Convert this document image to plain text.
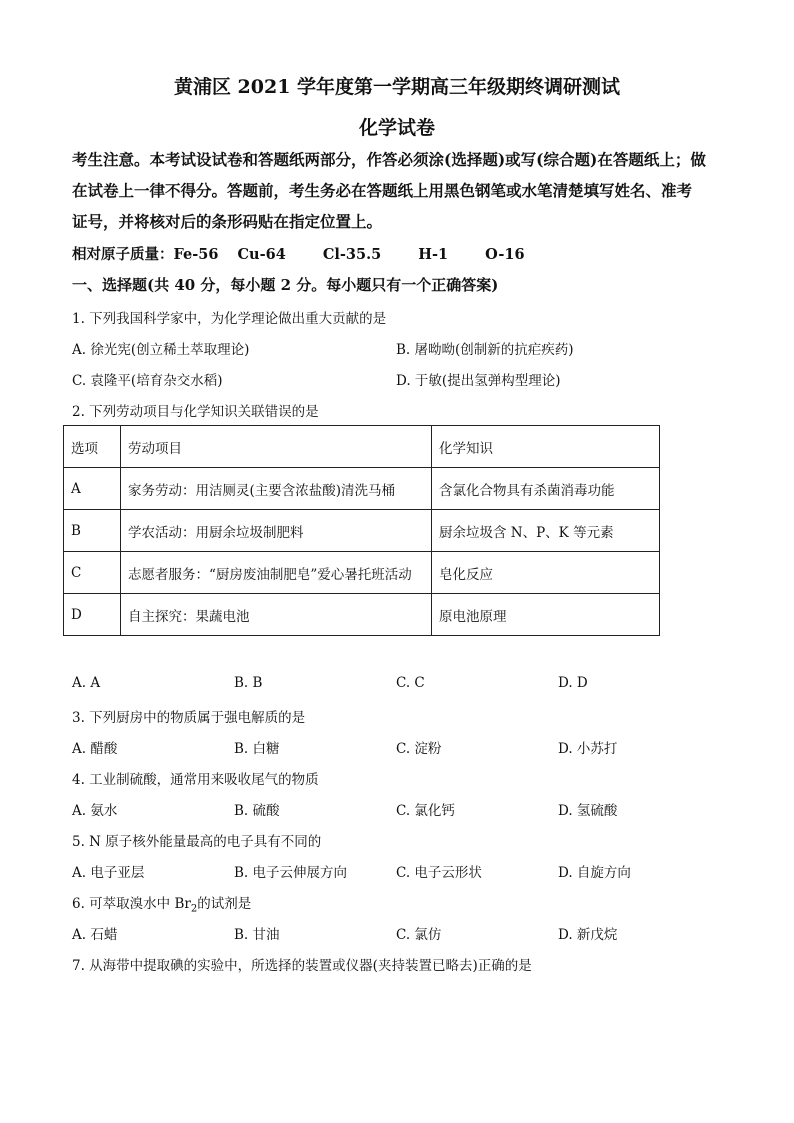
黄浦区 2021 学年度第一学期高三年级期终调研测试
化学试卷
考生注意。本考试设试卷和答题纸两部分，作答必须涂(选择题)或写(综合题)在答题纸上；做
在试卷上一律不得分。答题前，考生务必在答题纸上用黑色钢笔或水笔清楚填写姓名、准考
证号，并将核对后的条形码贴在指定位置上。
相对原子质量：Fe-56 Cu-64	Cl-35.5	H-1	O-16
一、选择题(共 40 分，每小题 2 分。每小题只有一个正确答案)
1. 下列我国科学家中，为化学理论做出重大贡献的是
A. 徐光宪(创立稀土萃取理论)	B. 屠呦呦(创制新的抗疟疾药)
C. 袁隆平(培育杂交水稻)	D. 于敏(提出氢弹构型理论)
2. 下列劳动项目与化学知识关联错误的是
选项	劳动项目	化学知识
A	家务劳动：用洁厕灵(主要含浓盐酸)清洗马桶	含氯化合物具有杀菌消毒功能
B	学农活动：用厨余垃圾制肥料	厨余垃圾含 N、P、K 等元素
C	志愿者服务：“厨房废油制肥皂”爱心暑托班活动	皂化反应
D	自主探究：果蔬电池	原电池原理
A. A	B. B	C. C	D. D
3. 下列厨房中的物质属于强电解质的是
A. 醋酸	B. 白糖	C. 淀粉	D. 小苏打
4. 工业制硫酸，通常用来吸收尾气的物质
A. 氨水	B. 硫酸	C. 氯化钙	D. 氢硫酸
5. N 原子核外能量最高的电子具有不同的
A. 电子亚层	B. 电子云伸展方向	C. 电子云形状	D. 自旋方向
6. 可萃取溴水中 $Br_2$的试剂是
A. 石蜡	B. 甘油	C. 氯仿	D. 新戊烷
7. 从海带中提取碘的实验中，所选择的装置或仪器(夹持装置已略去)正确的是
